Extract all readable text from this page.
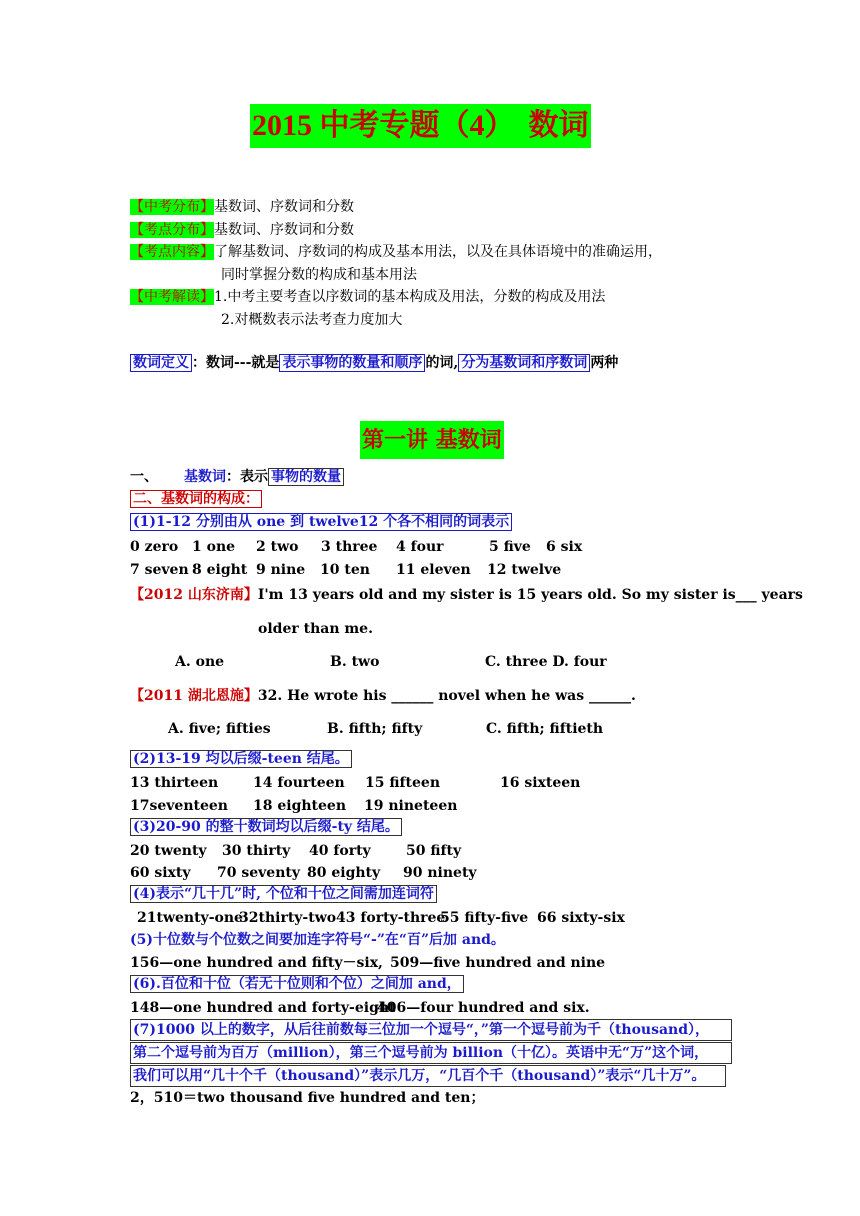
2015 中考专题（4） 数词
【中考分布】基数词、序数词和分数
【考点分布】基数词、序数词和分数
【考点内容】了解基数词、序数词的构成及基本用法，以及在具体语境中的准确运用，
同时掌握分数的构成和基本用法
【中考解读】1.中考主要考查以序数词的基本构成及用法，分数的构成及用法
2.对概数表示法考查力度加大
数词定义 ：数词---就是 表示事物的数量和顺序 的词, 分为基数词和序数词 两种
第一讲 基数词
一、 基数词：表示 事物的数量
二、基数词的构成：
(1)1-12 分别由从 one 到 twelve12 个各不相同的词表示
0 zero 1 one 2 two 3 three 4 four	5 five 6 six
7 seven 8 eight 9 nine 10 ten 11 eleven 12 twelve
【2012 山东济南】I'm 13 years old and my sister is 15 years old. So my sister is___ years
older than me.
A. one	B. two	C. three D. four
【2011 湖北恩施】32. He wrote his ______ novel when he was ______.
A. five; fifties	B. fifth; fifty	C. fifth; fiftieth
(2)13-19 均以后缀-teen 结尾。
13 thirteen 14 fourteen 15 fifteen	16 sixteen
17seventeen 18 eighteen 19 nineteen
(3)20-90 的整十数词均以后缀-ty 结尾。
20 twenty 30 thirty 40 forty	50 fifty
60 sixty 70 seventy 80 eighty 90 ninety
(4)表示“几十几”时, 个位和十位之间需加连词符
21twenty-one
32thirty-two 43 forty-three
55 fifty-five 66 sixty-six
(5)十位数与个位数之间要加连字符号“-”在“百”后加 and。
156—one hundred and fifty－six, 509—five hundred and nine
(6).百位和十位（若无十位则和个位）之间加 and，
148—one hundred and forty-eight
406—four hundred and six.
(7)1000 以上的数字，从后往前数每三位加一个逗号“，”第一个逗号前为千（thousand），
第二个逗号前为百万（million），第三个逗号前为 billion（十亿）。英语中无“万”这个词，
我们可以用“几十个千（thousand）”表示几万，“几百个千（thousand）”表示“几十万”。
2，510＝two thousand five hundred and ten；
